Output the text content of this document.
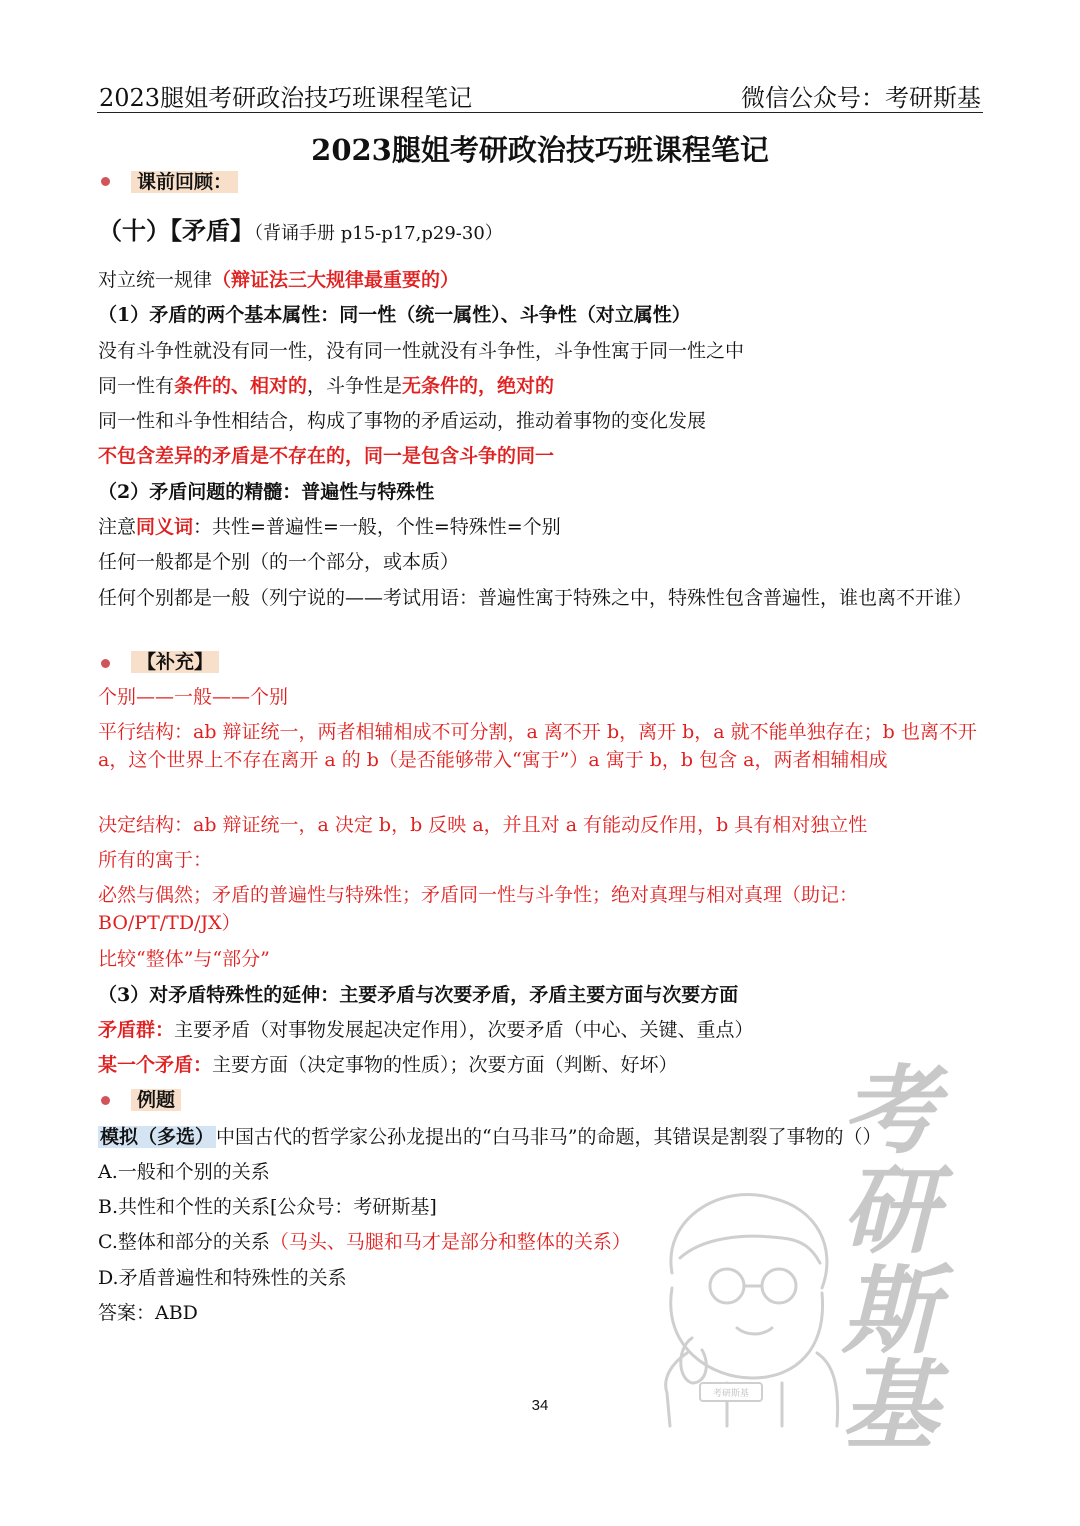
2023腿姐考研政治技巧班课程笔记	微信公众号：考研斯基
2023腿姐考研政治技巧班课程笔记
课前回顾：
（十）【矛盾】（背诵手册 p15-p17,p29-30）
对立统一规律（辩证法三大规律最重要的）
（1）矛盾的两个基本属性：同一性（统一属性）、斗争性（对立属性）
没有斗争性就没有同一性，没有同一性就没有斗争性，斗争性寓于同一性之中
同一性有条件的、相对的，斗争性是无条件的，绝对的
同一性和斗争性相结合，构成了事物的矛盾运动，推动着事物的变化发展
不包含差异的矛盾是不存在的，同一是包含斗争的同一
（2）矛盾问题的精髓：普遍性与特殊性
注意同义词：共性=普遍性=一般，个性=特殊性=个别
任何一般都是个别（的一个部分，或本质）
任何个别都是一般（列宁说的——考试用语：普遍性寓于特殊之中，特殊性包含普遍性，谁也离不开谁）
【补充】
个别——一般——个别
平行结构：ab 辩证统一，两者相辅相成不可分割，a 离不开 b，离开 b，a 就不能单独存在；b 也离不开 a，这个世界上不存在离开 a 的 b（是否能够带入“寓于”）a 寓于 b，b 包含 a，两者相辅相成
决定结构：ab 辩证统一，a 决定 b，b 反映 a，并且对 a 有能动反作用，b 具有相对独立性
所有的寓于：
必然与偶然；矛盾的普遍性与特殊性；矛盾同一性与斗争性；绝对真理与相对真理（助记：BO/PT/TD/JX）
比较“整体”与“部分”
（3）对矛盾特殊性的延伸：主要矛盾与次要矛盾，矛盾主要方面与次要方面
矛盾群：主要矛盾（对事物发展起决定作用），次要矛盾（中心、关键、重点）
某一个矛盾：主要方面（决定事物的性质）；次要方面（判断、好坏）
例题
模拟（多选） 中国古代的哲学家公孙龙提出的“白马非马”的命题，其错误是割裂了事物的（）
A.一般和个别的关系
B.共性和个性的关系[公众号：考研斯基]
C.整体和部分的关系（马头、马腿和马才是部分和整体的关系）
D.矛盾普遍性和特殊性的关系
答案：ABD
考研斯基
考
研
斯
基
34
